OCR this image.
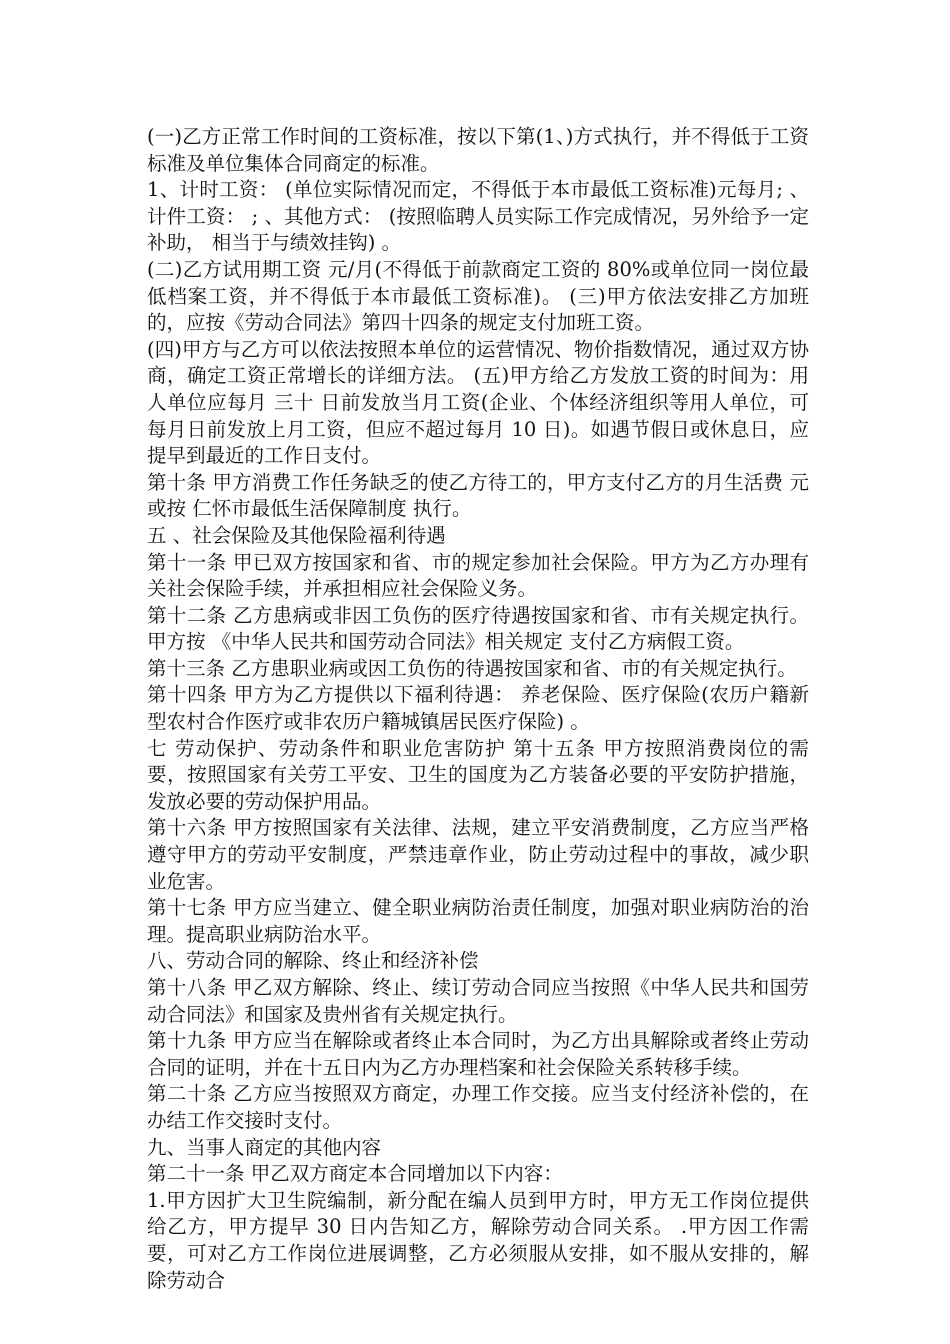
(一)乙方正常工作时间的工资标准，按以下第(1、)方式执行，并不得低于工资标准及单位集体合同商定的标准。

1、计时工资： (单位实际情况而定，不得低于本市最低工资标准)元每月; 、计件工资： ; 、其他方式： (按照临聘人员实际工作完成情况，另外给予一定补助， 相当于与绩效挂钩) 。

(二)乙方试用期工资 元/月(不得低于前款商定工资的 80%或单位同一岗位最低档案工资，并不得低于本市最低工资标准)。 (三)甲方依法安排乙方加班的，应按《劳动合同法》第四十四条的规定支付加班工资。

(四)甲方与乙方可以依法按照本单位的运营情况、物价指数情况，通过双方协商，确定工资正常增长的详细方法。 (五)甲方给乙方发放工资的时间为：用人单位应每月 三十 日前发放当月工资(企业、个体经济组织等用人单位，可每月日前发放上月工资，但应不超过每月 10 日)。如遇节假日或休息日，应提早到最近的工作日支付。

第十条 甲方消费工作任务缺乏的使乙方待工的，甲方支付乙方的月生活费 元或按 仁怀市最低生活保障制度 执行。

五 、社会保险及其他保险福利待遇

第十一条 甲已双方按国家和省、市的规定参加社会保险。甲方为乙方办理有关社会保险手续，并承担相应社会保险义务。

第十二条 乙方患病或非因工负伤的医疗待遇按国家和省、市有关规定执行。甲方按 《中华人民共和国劳动合同法》相关规定 支付乙方病假工资。

第十三条 乙方患职业病或因工负伤的待遇按国家和省、市的有关规定执行。

第十四条 甲方为乙方提供以下福利待遇： 养老保险、医疗保险(农历户籍新型农村合作医疗或非农历户籍城镇居民医疗保险) 。

七 劳动保护、劳动条件和职业危害防护 第十五条 甲方按照消费岗位的需要，按照国家有关劳工平安、卫生的国度为乙方装备必要的平安防护措施，发放必要的劳动保护用品。

第十六条 甲方按照国家有关法律、法规，建立平安消费制度，乙方应当严格遵守甲方的劳动平安制度，严禁违章作业，防止劳动过程中的事故，减少职业危害。

第十七条 甲方应当建立、健全职业病防治责任制度，加强对职业病防治的治理。提高职业病防治水平。

八、劳动合同的解除、终止和经济补偿

第十八条 甲乙双方解除、终止、续订劳动合同应当按照《中华人民共和国劳动合同法》和国家及贵州省有关规定执行。

第十九条 甲方应当在解除或者终止本合同时，为乙方出具解除或者终止劳动合同的证明，并在十五日内为乙方办理档案和社会保险关系转移手续。

第二十条 乙方应当按照双方商定，办理工作交接。应当支付经济补偿的，在办结工作交接时支付。

九、当事人商定的其他内容

第二十一条 甲乙双方商定本合同增加以下内容：

1.甲方因扩大卫生院编制，新分配在编人员到甲方时，甲方无工作岗位提供给乙方，甲方提早 30 日内告知乙方，解除劳动合同关系。 .甲方因工作需要，可对乙方工作岗位进展调整，乙方必须服从安排，如不服从安排的，解除劳动合
